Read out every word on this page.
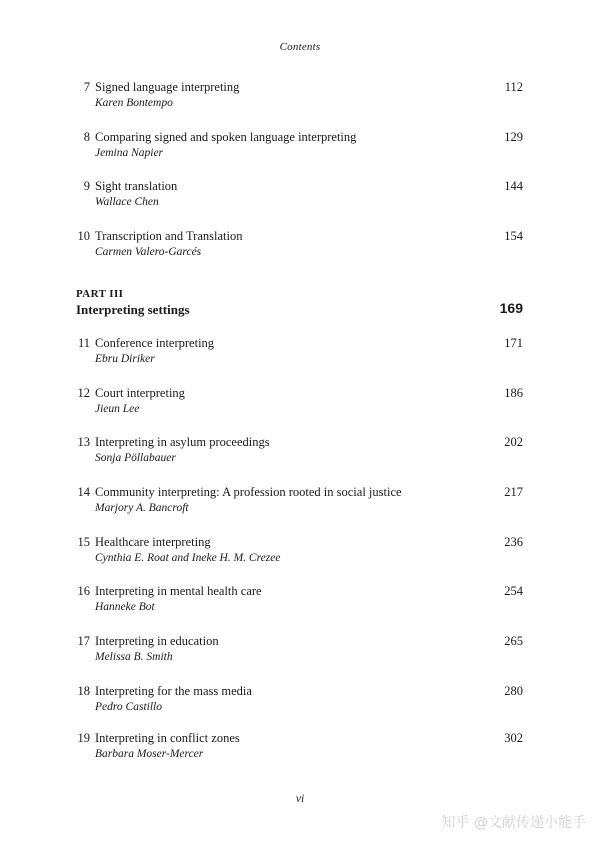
Contents
7 Signed language interpreting
Karen Bontempo
112
8 Comparing signed and spoken language interpreting
Jemina Napier
129
9 Sight translation
Wallace Chen
144
10 Transcription and Translation
Carmen Valero-Garcés
154
PART III
Interpreting settings	169
11 Conference interpreting
Ebru Diriker
171
12 Court interpreting
Jieun Lee
186
13 Interpreting in asylum proceedings
Sonja Pöllabauer
202
14 Community interpreting: A profession rooted in social justice
Marjory A. Bancroft
217
15 Healthcare interpreting
Cynthia E. Roat and Ineke H. M. Crezee
236
16 Interpreting in mental health care
Hanneke Bot
254
17 Interpreting in education
Melissa B. Smith
265
18 Interpreting for the mass media
Pedro Castillo
280
19 Interpreting in conflict zones
Barbara Moser-Mercer
302
vi
知乎 @文献传递小能手
